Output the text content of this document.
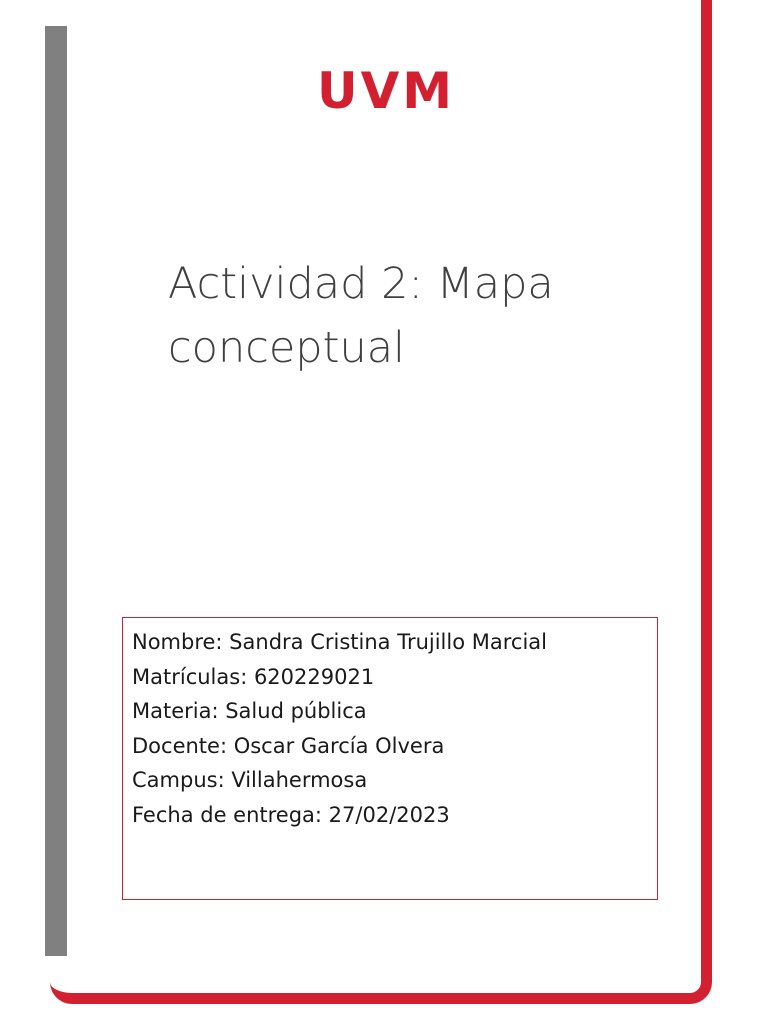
UVM
Actividad 2: Mapa
conceptual
Nombre: Sandra Cristina Trujillo Marcial
Matrículas: 620229021
Materia: Salud pública
Docente: Oscar García Olvera
Campus: Villahermosa
Fecha de entrega: 27/02/2023
